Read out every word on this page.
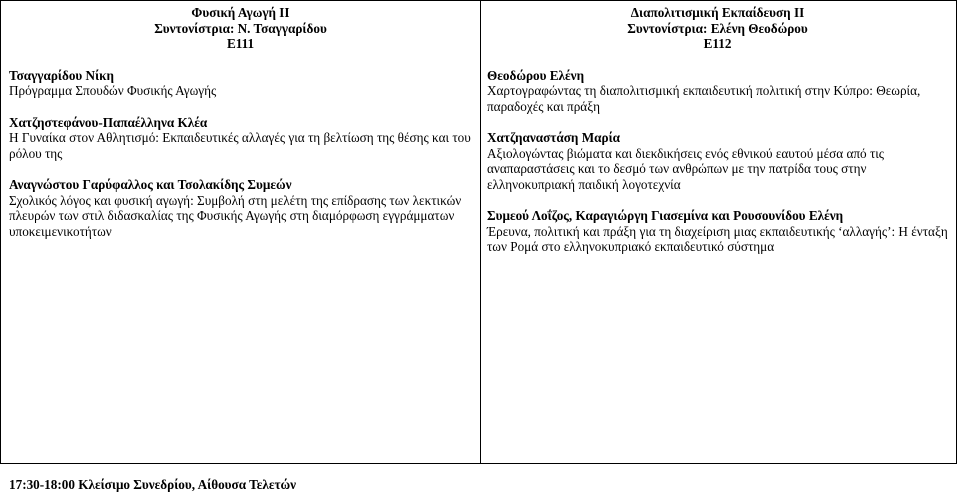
Φυσική Αγωγή ΙΙ
Συντονίστρια: Ν. Τσαγγαρίδου
Ε111
Τσαγγαρίδου Νίκη
Πρόγραμμα Σπουδών Φυσικής Αγωγής
Χατζηστεφάνου-Παπαέλληνα Κλέα
Η Γυναίκα στον Αθλητισμό: Εκπαιδευτικές αλλαγές για τη βελτίωση της θέσης και του ρόλου της
Αναγνώστου Γαρύφαλλος και Τσολακίδης Συμεών
Σχολικός λόγος και φυσική αγωγή: Συμβολή στη μελέτη της επίδρασης των λεκτικών πλευρών των στιλ διδασκαλίας της Φυσικής Αγωγής στη διαμόρφωση εγγράμματων υποκειμενικοτήτων
Διαπολιτισμική Εκπαίδευση ΙΙ
Συντονίστρια: Ελένη Θεοδώρου
Ε112
Θεοδώρου Ελένη
Χαρτογραφώντας τη διαπολιτισμική εκπαιδευτική πολιτική στην Κύπρο: Θεωρία, παραδοχές και πράξη
Χατζηαναστάση Μαρία
Αξιολογώντας βιώματα και διεκδικήσεις ενός εθνικού εαυτού μέσα από τις αναπαραστάσεις και το δεσμό των ανθρώπων με την πατρίδα τους στην ελληνοκυπριακή παιδική λογοτεχνία
Συμεού Λοΐζος, Καραγιώργη Γιασεμίνα και Ρουσουνίδου Ελένη
Έρευνα, πολιτική και πράξη για τη διαχείριση μιας εκπαιδευτικής ‘αλλαγής’: Η ένταξη των Ρομά στο ελληνοκυπριακό εκπαιδευτικό σύστημα
17:30-18:00 Κλείσιμο Συνεδρίου, Αίθουσα Τελετών
